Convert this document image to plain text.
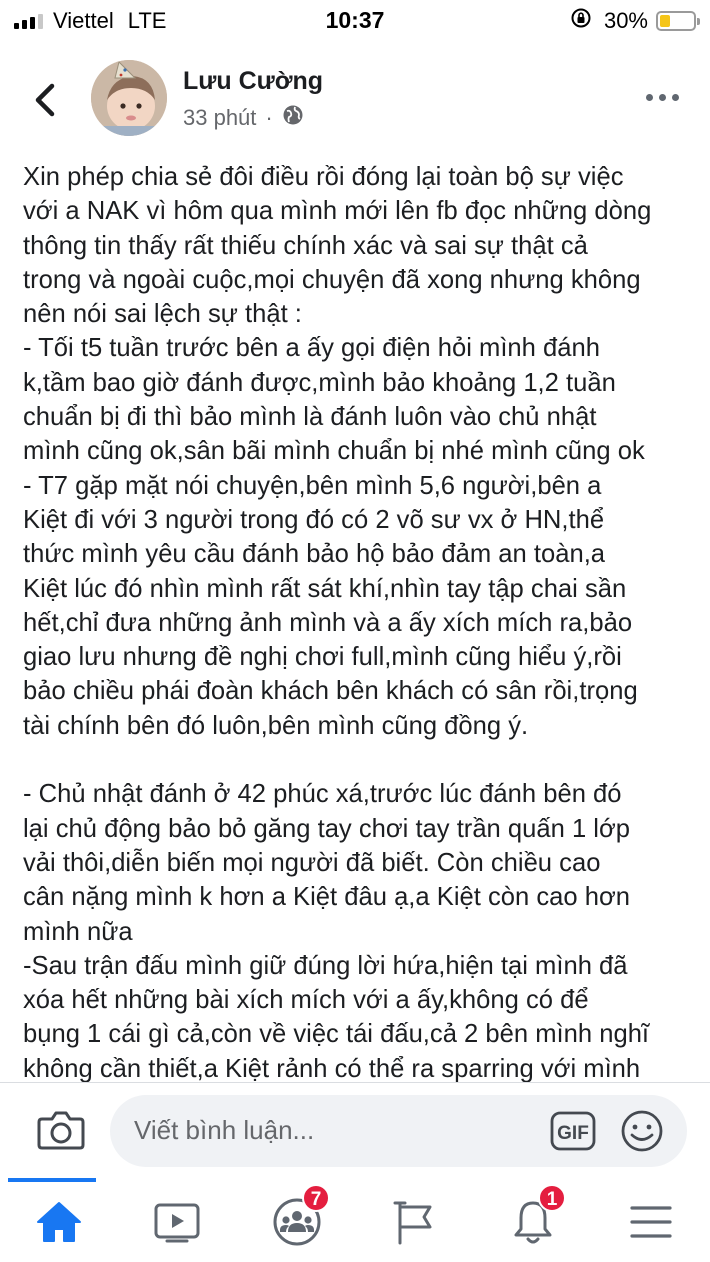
Viettel LTE	10:37	30%
Lưu Cường
33 phút ·
Xin phép chia sẻ đôi điều rồi đóng lại toàn bộ sự việc
với a NAK vì hôm qua mình mới lên fb đọc những dòng
thông tin thấy rất thiếu chính xác và sai sự thật cả
trong và ngoài cuộc,mọi chuyện đã xong nhưng không
nên nói sai lệch sự thật :
- Tối t5 tuần trước bên a ấy gọi điện hỏi mình đánh
k,tầm bao giờ đánh được,mình bảo khoảng 1,2 tuần
chuẩn bị đi thì bảo mình là đánh luôn vào chủ nhật
mình cũng ok,sân bãi mình chuẩn bị nhé mình cũng ok
- T7 gặp mặt nói chuyện,bên mình 5,6 người,bên a
Kiệt đi với 3 người trong đó có 2 võ sư vx ở HN,thể
thức mình yêu cầu đánh bảo hộ bảo đảm an toàn,a
Kiệt lúc đó nhìn mình rất sát khí,nhìn tay tập chai sần
hết,chỉ đưa những ảnh mình và a ấy xích mích ra,bảo
giao lưu nhưng đề nghị chơi full,mình cũng hiểu ý,rồi
bảo chiều phái đoàn khách bên khách có sân rồi,trọng
tài chính bên đó luôn,bên mình cũng đồng ý.
- Chủ nhật đánh ở 42 phúc xá,trước lúc đánh bên đó
lại chủ động bảo bỏ găng tay chơi tay trần quấn 1 lớp
vải thôi,diễn biến mọi người đã biết. Còn chiều cao
cân nặng mình k hơn a Kiệt đâu ạ,a Kiệt còn cao hơn
mình nữa
-Sau trận đấu mình giữ đúng lời hứa,hiện tại mình đã
xóa hết những bài xích mích với a ấy,không có để
bụng 1 cái gì cả,còn về việc tái đấu,cả 2 bên mình nghĩ
không cần thiết,a Kiệt rảnh có thể ra sparring với mình
Viết bình luận...	GIF
7	1
